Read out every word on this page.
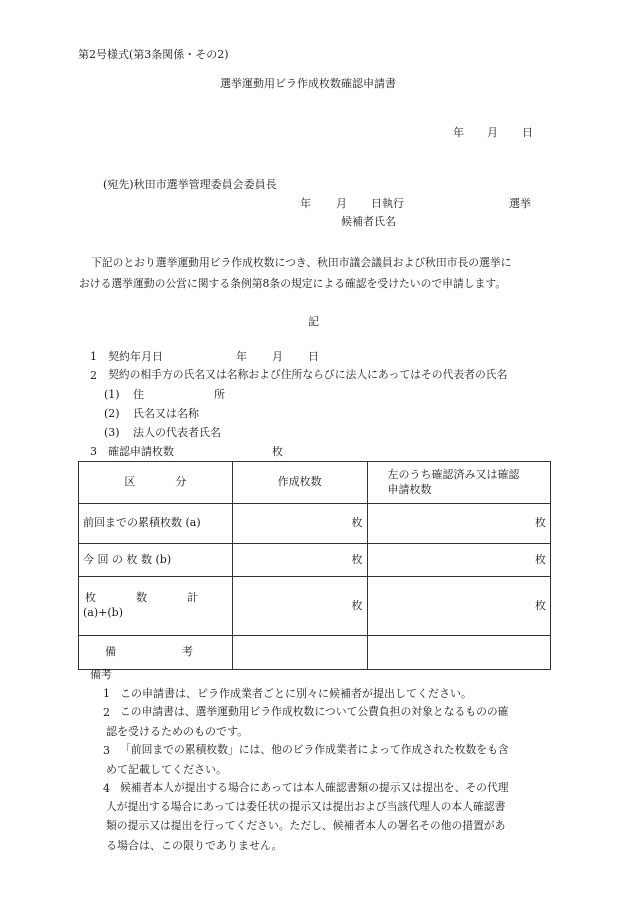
第2号様式(第3条関係・その2)
選挙運動用ビラ作成枚数確認申請書
年 月 日
(宛先)秋田市選挙管理委員会委員長
年 月 日執行	選挙
候補者氏名
下記のとおり選挙運動用ビラ作成枚数につき、秋田市議会議員および秋田市長の選挙に
おける選挙運動の公営に関する条例第8条の規定による確認を受けたいので申請します。
記
1 契約年月日	年 月 日
2 契約の相手方の氏名又は名称および住所ならびに法人にあってはその代表者の氏名
(1) 住	所
(2) 氏名又は名称
(3) 法人の代表者氏名
3 確認申請枚数	枚
区 分	作成枚数	左のうち確認済み又は確認
申請枚数

前回までの累積枚数 (a)	枚	枚
今 回 の 枚 数 (b)	枚	枚

枚 数 計
(a)+(b)	枚	枚
備 考		
備考
1 この申請書は、ビラ作成業者ごとに別々に候補者が提出してください。
2 この申請書は、選挙運動用ビラ作成枚数について公費負担の対象となるものの確
認を受けるためのものです。
3 「前回までの累積枚数」には、他のビラ作成業者によって作成された枚数をも含
めて記載してください。
4 候補者本人が提出する場合にあっては本人確認書類の提示又は提出を、その代理
人が提出する場合にあっては委任状の提示又は提出および当該代理人の本人確認書
類の提示又は提出を行ってください。ただし、候補者本人の署名その他の措置があ
る場合は、この限りでありません。
